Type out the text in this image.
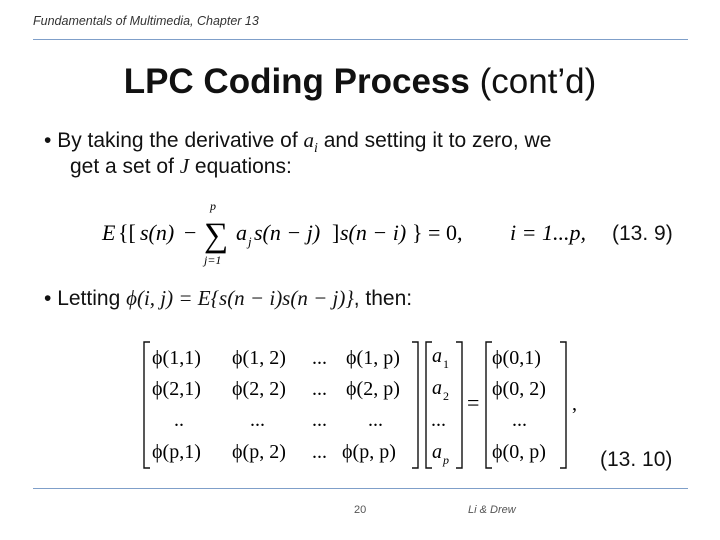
Fundamentals of Multimedia, Chapter 13
LPC Coding Process (cont’d)
• By taking the derivative of $a_i$ and setting it to zero, we
get a set of J equations:
E {[ s(n) − ∑
p
j=1
a j s(n − j) ] s(n − i) } = 0, i = 1...p, (13. 9)
• Letting ϕ(i, j) = E{s(n − i)s(n − j)}, then:
ϕ(1,1) ϕ(1, 2) ... ϕ(1, p)
ϕ(2,1) ϕ(2, 2) ... ϕ(2, p)
..	... ... ...
ϕ(p,1) ϕ(p, 2) ... ϕ(p, p)
a 1
a 2
...
a p
=
ϕ(0,1)
ϕ(0, 2)
...
ϕ(0, p)
,
(13. 10)
20	Li & Drew
